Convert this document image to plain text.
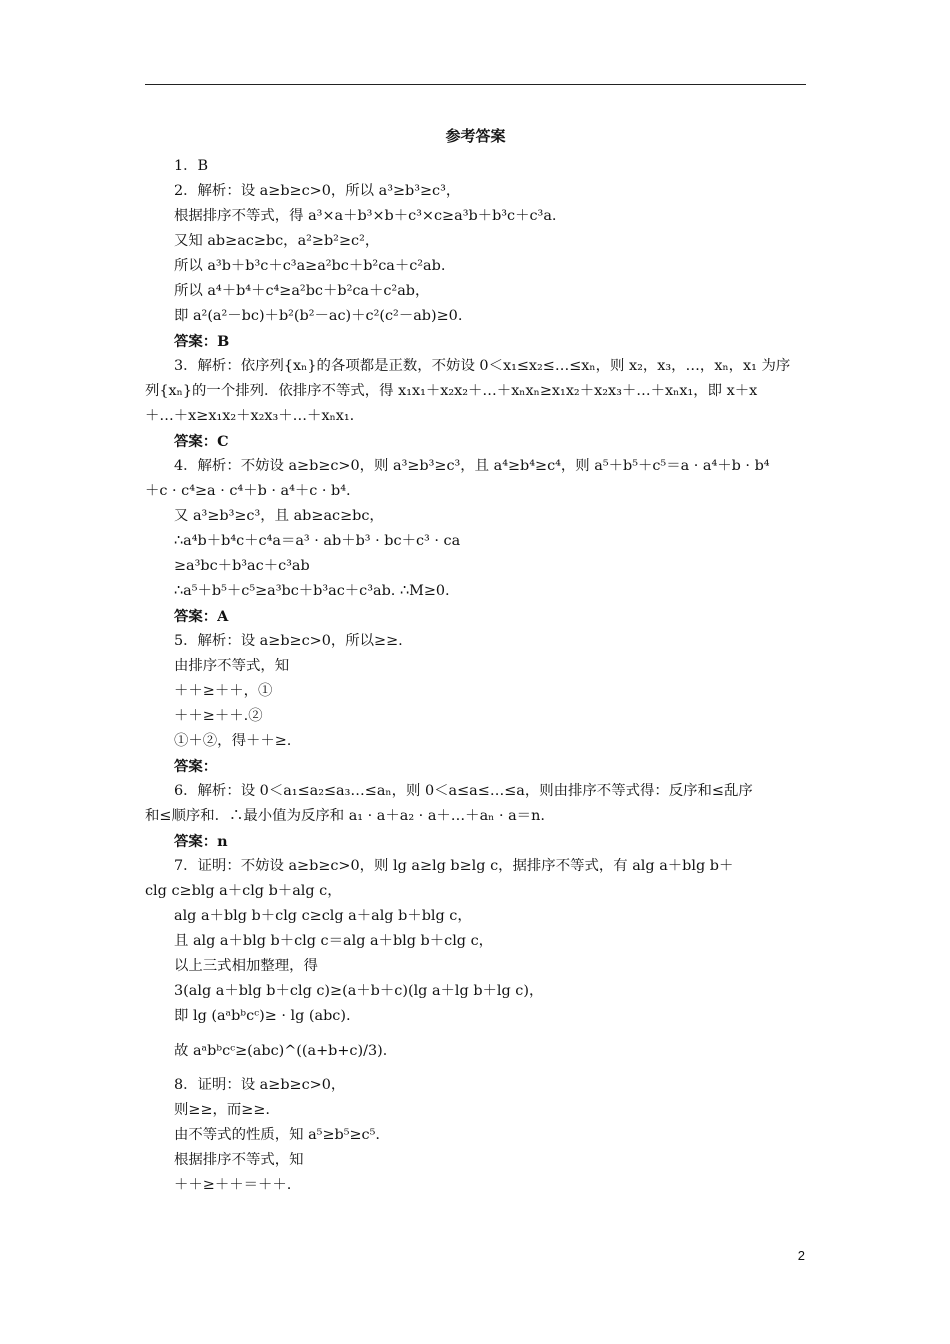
参考答案
1．B
2．解析：设 a≥b≥c>0，所以 a³≥b³≥c³，
根据排序不等式，得 a³×a＋b³×b＋c³×c≥a³b＋b³c＋c³a.
又知 ab≥ac≥bc，a²≥b²≥c²，
所以 a³b＋b³c＋c³a≥a²bc＋b²ca＋c²ab.
所以 a⁴＋b⁴＋c⁴≥a²bc＋b²ca＋c²ab，
即 a²(a²－bc)＋b²(b²－ac)＋c²(c²－ab)≥0.
答案：B
3．解析：依序列{xₙ}的各项都是正数，不妨设 0＜x₁≤x₂≤…≤xₙ，则 x₂，x₃，…，xₙ，x₁ 为序
列{xₙ}的一个排列．依排序不等式，得 x₁x₁＋x₂x₂＋…＋xₙxₙ≥x₁x₂＋x₂x₃＋…＋xₙx₁，即 x＋x
＋…＋x≥x₁x₂＋x₂x₃＋…＋xₙx₁.
答案：C
4．解析：不妨设 a≥b≥c>0，则 a³≥b³≥c³，且 a⁴≥b⁴≥c⁴，则 a⁵＋b⁵＋c⁵＝a · a⁴＋b · b⁴
＋c · c⁴≥a · c⁴＋b · a⁴＋c · b⁴.
又 a³≥b³≥c³，且 ab≥ac≥bc，
∴a⁴b＋b⁴c＋c⁴a＝a³ · ab＋b³ · bc＋c³ · ca
≥a³bc＋b³ac＋c³ab
∴a⁵＋b⁵＋c⁵≥a³bc＋b³ac＋c³ab. ∴M≥0.
答案：A
5．解析：设 a≥b≥c>0，所以≥≥.
由排序不等式，知
＋＋≥＋＋，①
＋＋≥＋＋.②
①＋②，得＋＋≥.
答案：
6．解析：设 0＜a₁≤a₂≤a₃…≤aₙ，则 0＜a≤a≤…≤a，则由排序不等式得：反序和≤乱序
和≤顺序和．∴最小值为反序和 a₁ · a＋a₂ · a＋…＋aₙ · a＝n.
答案：n
7．证明：不妨设 a≥b≥c>0，则 lg a≥lg b≥lg c，据排序不等式，有 alg a＋blg b＋
clg c≥blg a＋clg b＋alg c，
alg a＋blg b＋clg c≥clg a＋alg b＋blg c，
且 alg a＋blg b＋clg c＝alg a＋blg b＋clg c，
以上三式相加整理，得
3(alg a＋blg b＋clg c)≥(a＋b＋c)(lg a＋lg b＋lg c)，
即 lg (aᵃbᵇcᶜ)≥ · lg (abc).
故 aᵃbᵇcᶜ≥(abc)^((a+b+c)/3)．
8．证明：设 a≥b≥c>0，
则≥≥，而≥≥.
由不等式的性质，知 a⁵≥b⁵≥c⁵.
根据排序不等式，知
＋＋≥＋＋＝＋＋.
2
